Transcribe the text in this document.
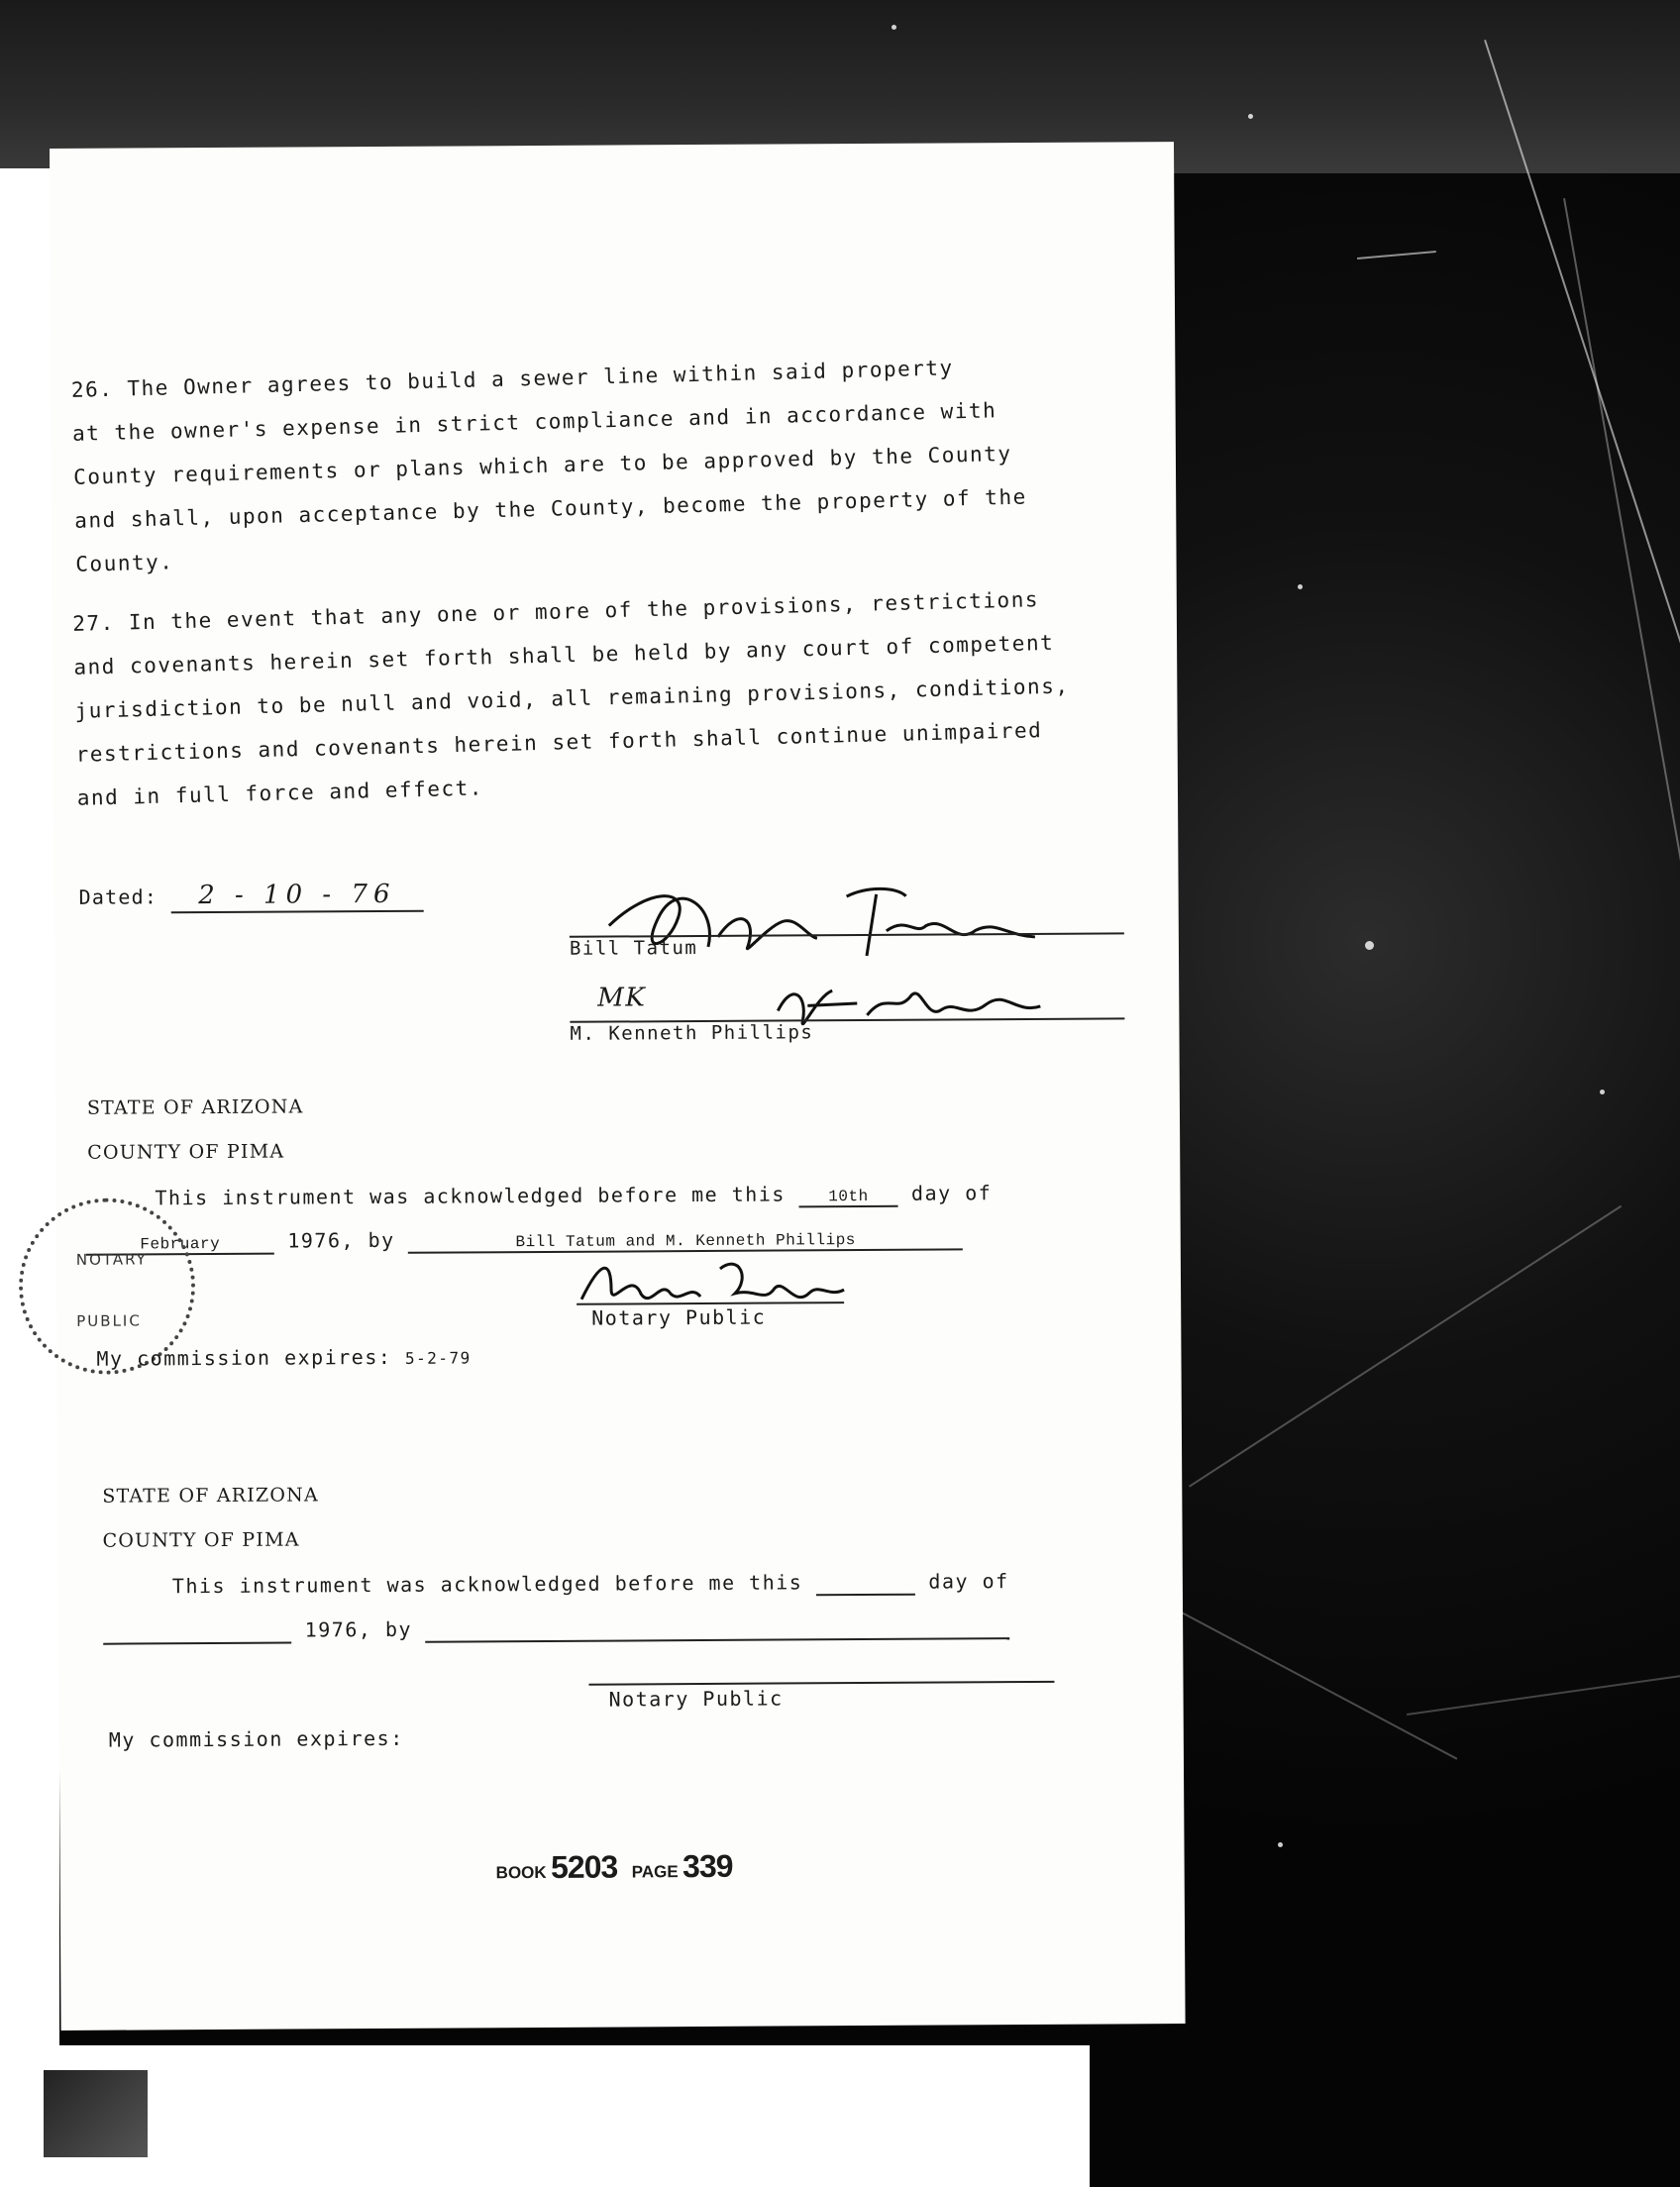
26. The Owner agrees to build a sewer line within said property
at the owner's expense in strict compliance and in accordance with
County requirements or plans which are to be approved by the County
and shall, upon acceptance by the County, become the property of the
County.
27. In the event that any one or more of the provisions, restrictions
and covenants herein set forth shall be held by any court of competent
jurisdiction to be null and void, all remaining provisions, conditions,
restrictions and covenants herein set forth shall continue unimpaired
and in full force and effect.
Dated: 2 - 10 - 76
Bill Tatum
MK
M. Kenneth Phillips
STATE OF ARIZONA
COUNTY OF PIMA
This instrument was acknowledged before me this	10th day of
February	1976, by	Bill Tatum and M. Kenneth Phillips
NOTARY
PUBLIC	Notary Public
My commission expires: 5-2-79
STATE OF ARIZONA
COUNTY OF PIMA
This instrument was acknowledged before me this	day of
1976, by
Notary Public
My commission expires:
BOOK 5203 PAGE 339
